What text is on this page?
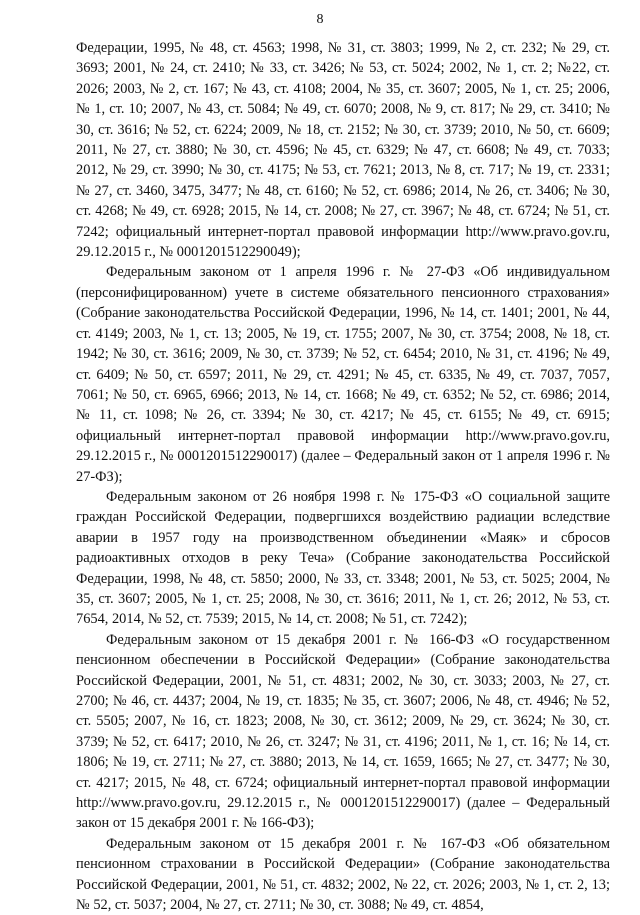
8

Федерации, 1995, № 48, ст. 4563; 1998, № 31, ст. 3803; 1999, № 2, ст. 232; № 29, ст. 3693; 2001, № 24, ст. 2410; № 33, ст. 3426; № 53, ст. 5024; 2002, № 1, ст. 2; №22, ст. 2026; 2003, № 2, ст. 167; № 43, ст. 4108; 2004, № 35, ст. 3607; 2005, № 1, ст. 25; 2006, № 1, ст. 10; 2007, № 43, ст. 5084; № 49, ст. 6070; 2008, № 9, ст. 817; № 29, ст. 3410; № 30, ст. 3616; № 52, ст. 6224; 2009, № 18, ст. 2152; № 30, ст. 3739; 2010, № 50, ст. 6609; 2011, № 27, ст. 3880; № 30, ст. 4596; № 45, ст. 6329; № 47, ст. 6608; № 49, ст. 7033; 2012, № 29, ст. 3990; № 30, ст. 4175; № 53, ст. 7621; 2013, № 8, ст. 717; № 19, ст. 2331; № 27, ст. 3460, 3475, 3477; № 48, ст. 6160; № 52, ст. 6986; 2014, № 26, ст. 3406; № 30, ст. 4268; № 49, ст. 6928; 2015, № 14, ст. 2008; № 27, ст. 3967; № 48, ст. 6724; № 51, ст. 7242; официальный интернет-портал правовой информации http://www.pravo.gov.ru, 29.12.2015 г., № 0001201512290049);

Федеральным законом от 1 апреля 1996 г. № 27-ФЗ «Об индивидуальном (персонифицированном) учете в системе обязательного пенсионного страхования» (Собрание законодательства Российской Федерации, 1996, № 14, ст. 1401; 2001, № 44, ст. 4149; 2003, № 1, ст. 13; 2005, № 19, ст. 1755; 2007, № 30, ст. 3754; 2008, № 18, ст. 1942; № 30, ст. 3616; 2009, № 30, ст. 3739; № 52, ст. 6454; 2010, № 31, ст. 4196; № 49, ст. 6409; № 50, ст. 6597; 2011, № 29, ст. 4291; № 45, ст. 6335, № 49, ст. 7037, 7057, 7061; № 50, ст. 6965, 6966; 2013, № 14, ст. 1668; № 49, ст. 6352; № 52, ст. 6986; 2014, № 11, ст. 1098; № 26, ст. 3394; № 30, ст. 4217; № 45, ст. 6155; № 49, ст. 6915; официальный интернет-портал правовой информации http://www.pravo.gov.ru, 29.12.2015 г., № 0001201512290017) (далее – Федеральный закон от 1 апреля 1996 г. № 27-ФЗ);

Федеральным законом от 26 ноября 1998 г. № 175-ФЗ «О социальной защите граждан Российской Федерации, подвергшихся воздействию радиации вследствие аварии в 1957 году на производственном объединении «Маяк» и сбросов радиоактивных отходов в реку Теча» (Собрание законодательства Российской Федерации, 1998, № 48, ст. 5850; 2000, № 33, ст. 3348; 2001, № 53, ст. 5025; 2004, № 35, ст. 3607; 2005, № 1, ст. 25; 2008, № 30, ст. 3616; 2011, № 1, ст. 26; 2012, № 53, ст. 7654, 2014, № 52, ст. 7539; 2015, № 14, ст. 2008; № 51, ст. 7242);

Федеральным законом от 15 декабря 2001 г. № 166-ФЗ «О государственном пенсионном обеспечении в Российской Федерации» (Собрание законодательства Российской Федерации, 2001, № 51, ст. 4831; 2002, № 30, ст. 3033; 2003, № 27, ст. 2700; № 46, ст. 4437; 2004, № 19, ст. 1835; № 35, ст. 3607; 2006, № 48, ст. 4946; № 52, ст. 5505; 2007, № 16, ст. 1823; 2008, № 30, ст. 3612; 2009, № 29, ст. 3624; № 30, ст. 3739; № 52, ст. 6417; 2010, № 26, ст. 3247; № 31, ст. 4196; 2011, № 1, ст. 16; № 14, ст. 1806; № 19, ст. 2711; № 27, ст. 3880; 2013, № 14, ст. 1659, 1665; № 27, ст. 3477; № 30, ст. 4217; 2015, № 48, ст. 6724; официальный интернет-портал правовой информации http://www.pravo.gov.ru, 29.12.2015 г., № 0001201512290017) (далее – Федеральный закон от 15 декабря 2001 г. № 166-ФЗ);

Федеральным законом от 15 декабря 2001 г. № 167-ФЗ «Об обязательном пенсионном страховании в Российской Федерации» (Собрание законодательства Российской Федерации, 2001, № 51, ст. 4832; 2002, № 22, ст. 2026; 2003, № 1, ст. 2, 13; № 52, ст. 5037; 2004, № 27, ст. 2711; № 30, ст. 3088; № 49, ст. 4854,
